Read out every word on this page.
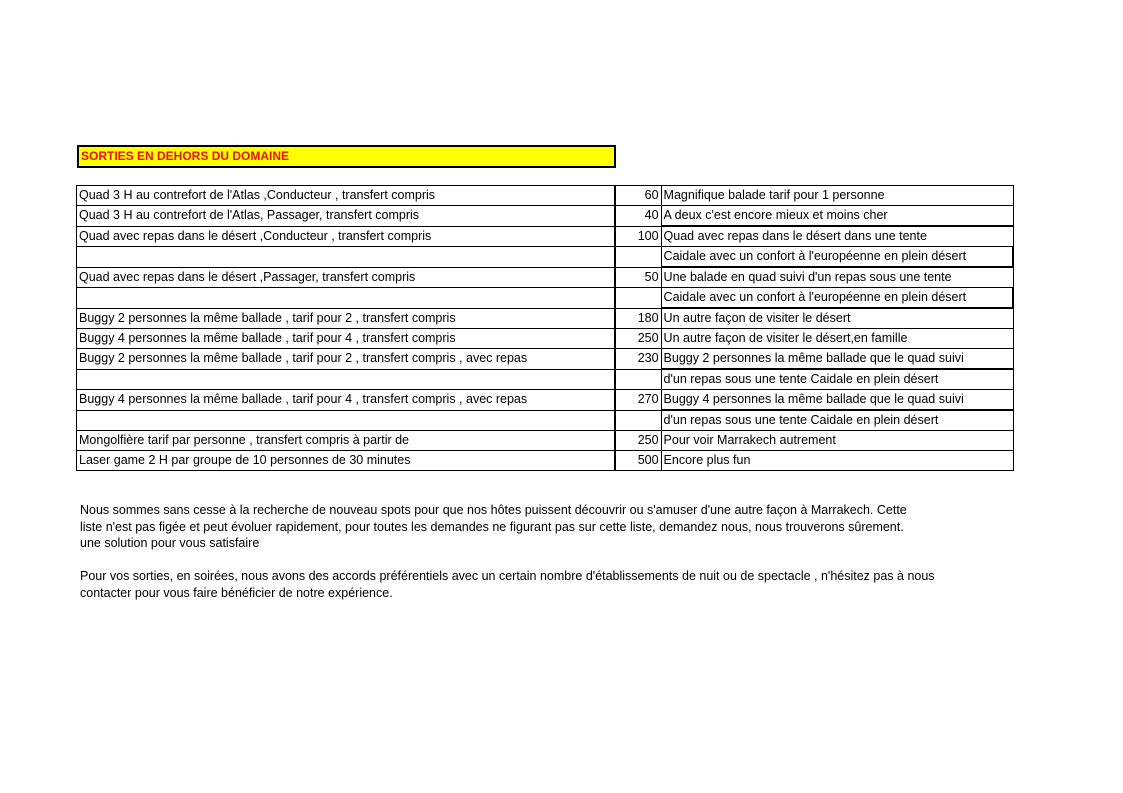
SORTIES EN DEHORS DU DOMAINE
Quad 3 H au contrefort de l'Atlas ,Conducteur , transfert compris	60	Magnifique balade tarif pour 1 personne
Quad 3 H au contrefort de l'Atlas, Passager, transfert compris	40	A deux c'est encore mieux et moins cher
Quad avec repas dans le désert ,Conducteur , transfert compris	100	Quad avec repas dans le désert dans une tente
		Caidale avec un confort à l'européenne en plein désert
Quad avec repas dans le désert ,Passager, transfert compris	50	Une balade en quad suivi d'un repas sous une tente
		Caidale avec un confort à l'européenne en plein désert
Buggy 2 personnes la même ballade , tarif pour 2 , transfert compris	180	Un autre façon de visiter le désert
Buggy 4 personnes la même ballade , tarif pour 4 , transfert compris	250	Un autre façon de visiter le désert,en famille
Buggy 2 personnes la même ballade , tarif pour 2 , transfert compris , avec repas	230	Buggy 2 personnes la même ballade que le quad suivi
		d'un repas sous une tente Caidale en plein désert
Buggy 4 personnes la même ballade , tarif pour 4 , transfert compris , avec repas	270	Buggy 4 personnes la même ballade que le quad suivi
		d'un repas sous une tente Caidale en plein désert
Mongolfière tarif par personne , transfert compris à partir de	250	Pour voir Marrakech autrement
Laser game 2 H par groupe de 10 personnes de 30 minutes	500	Encore plus fun

Nous sommes sans cesse à la recherche de nouveau spots pour que nos hôtes puissent découvrir ou s'amuser d'une autre façon à Marrakech. Cette
liste n'est pas figée et peut évoluer rapidement, pour toutes les demandes ne figurant pas sur cette liste, demandez nous, nous trouverons sûrement.
une solution pour vous satisfaire

Pour vos sorties, en soirées, nous avons des accords préférentiels avec un certain nombre d'établissements de nuit ou de spectacle , n'hésitez pas à nous
contacter pour vous faire bénéficier de notre expérience.
